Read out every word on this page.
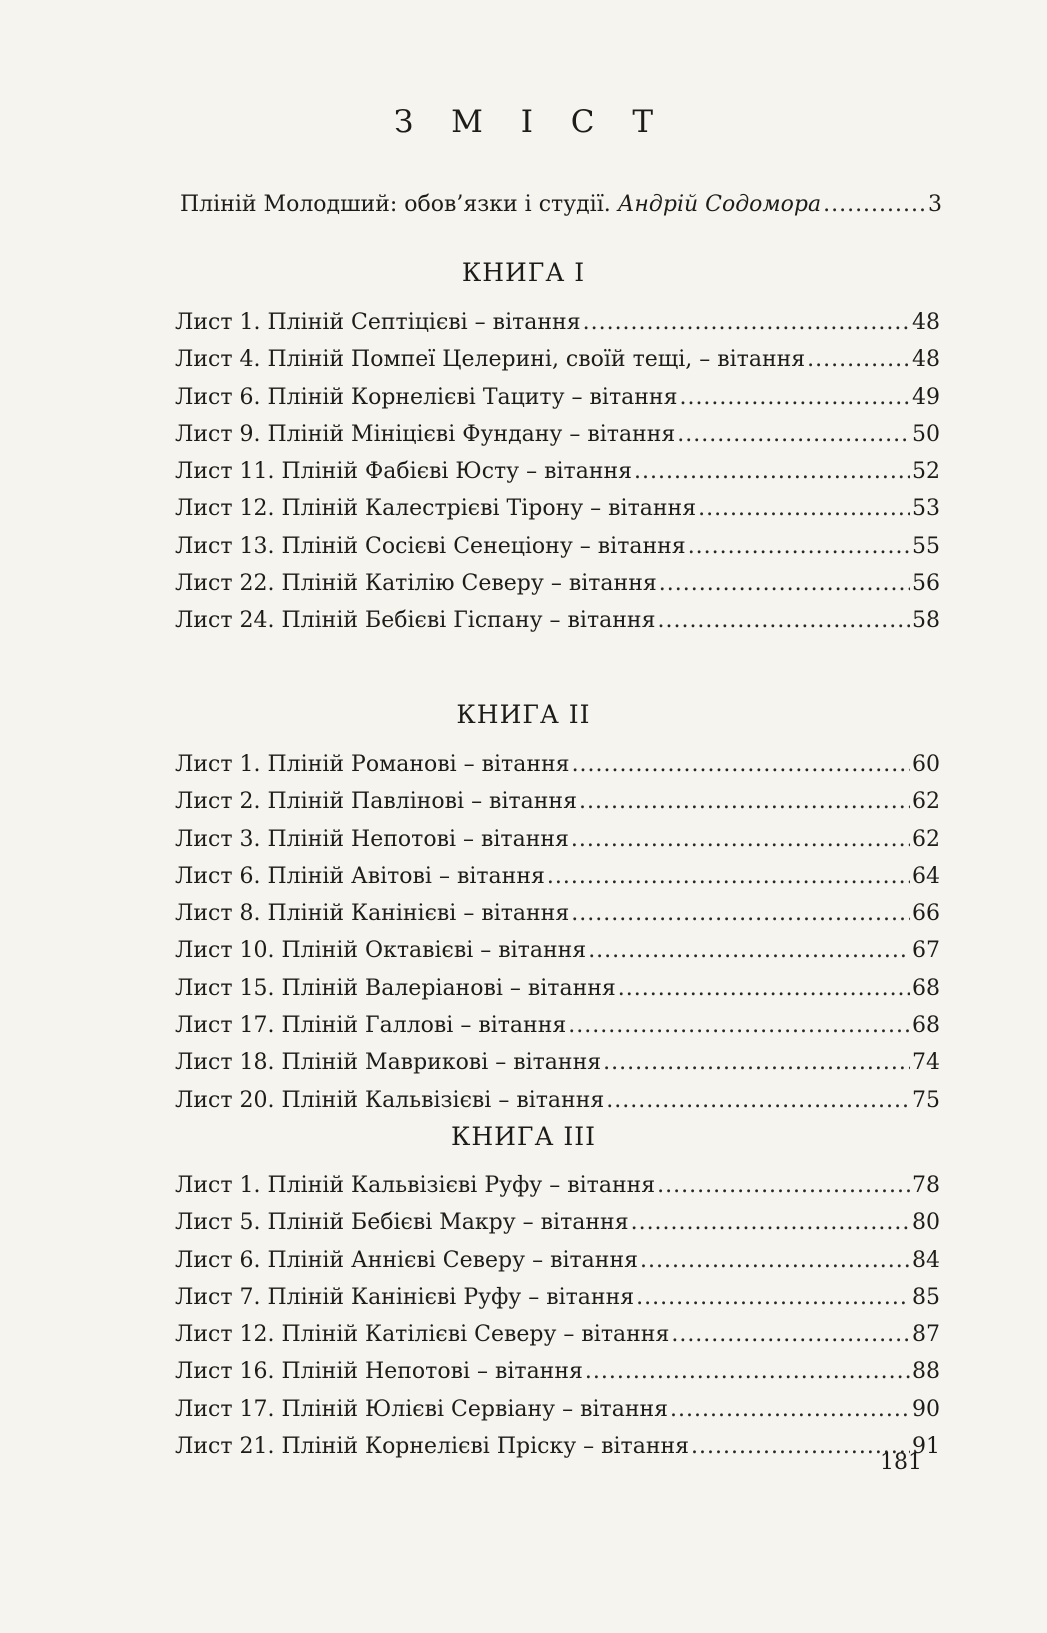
З М І С Т
Пліній Молодший: обов’язки і студії. Андрій Содомора .....	3
КНИГА I
Лист 1. Пліній Септіцієві – вітання .....	48
Лист 4. Пліній Помпеї Целерині, своїй тещі, – вітання .....	48
Лист 6. Пліній Корнелієві Тациту – вітання .....	49
Лист 9. Пліній Мініцієві Фундану – вітання .....	50
Лист 11. Пліній Фабієві Юсту – вітання .....	52
Лист 12. Пліній Калестрієві Тірону – вітання .....	53
Лист 13. Пліній Сосієві Сенеціону – вітання .....	55
Лист 22. Пліній Катілію Северу – вітання .....	56
Лист 24. Пліній Бебієві Гіспану – вітання .....	58
КНИГА II
Лист 1. Пліній Романові – вітання .....	60
Лист 2. Пліній Павлінові – вітання .....	62
Лист 3. Пліній Непотові – вітання .....	62
Лист 6. Пліній Авітові – вітання .....	64
Лист 8. Пліній Канінієві – вітання .....	66
Лист 10. Пліній Октавієві – вітання .....	67
Лист 15. Пліній Валеріанові – вітання .....	68
Лист 17. Пліній Галлові – вітання .....	68
Лист 18. Пліній Маврикові – вітання .....	74
Лист 20. Пліній Кальвізієві – вітання .....	75
КНИГА III
Лист 1. Пліній Кальвізієві Руфу – вітання .....	78
Лист 5. Пліній Бебієві Макру – вітання .....	80
Лист 6. Пліній Аннієві Северу – вітання .....	84
Лист 7. Пліній Канінієві Руфу – вітання .....	85
Лист 12. Пліній Катілієві Северу – вітання .....	87
Лист 16. Пліній Непотові – вітання .....	88
Лист 17. Пліній Юлієві Сервіану – вітання .....	90
Лист 21. Пліній Корнелієві Пріску – вітання .....	91
181
